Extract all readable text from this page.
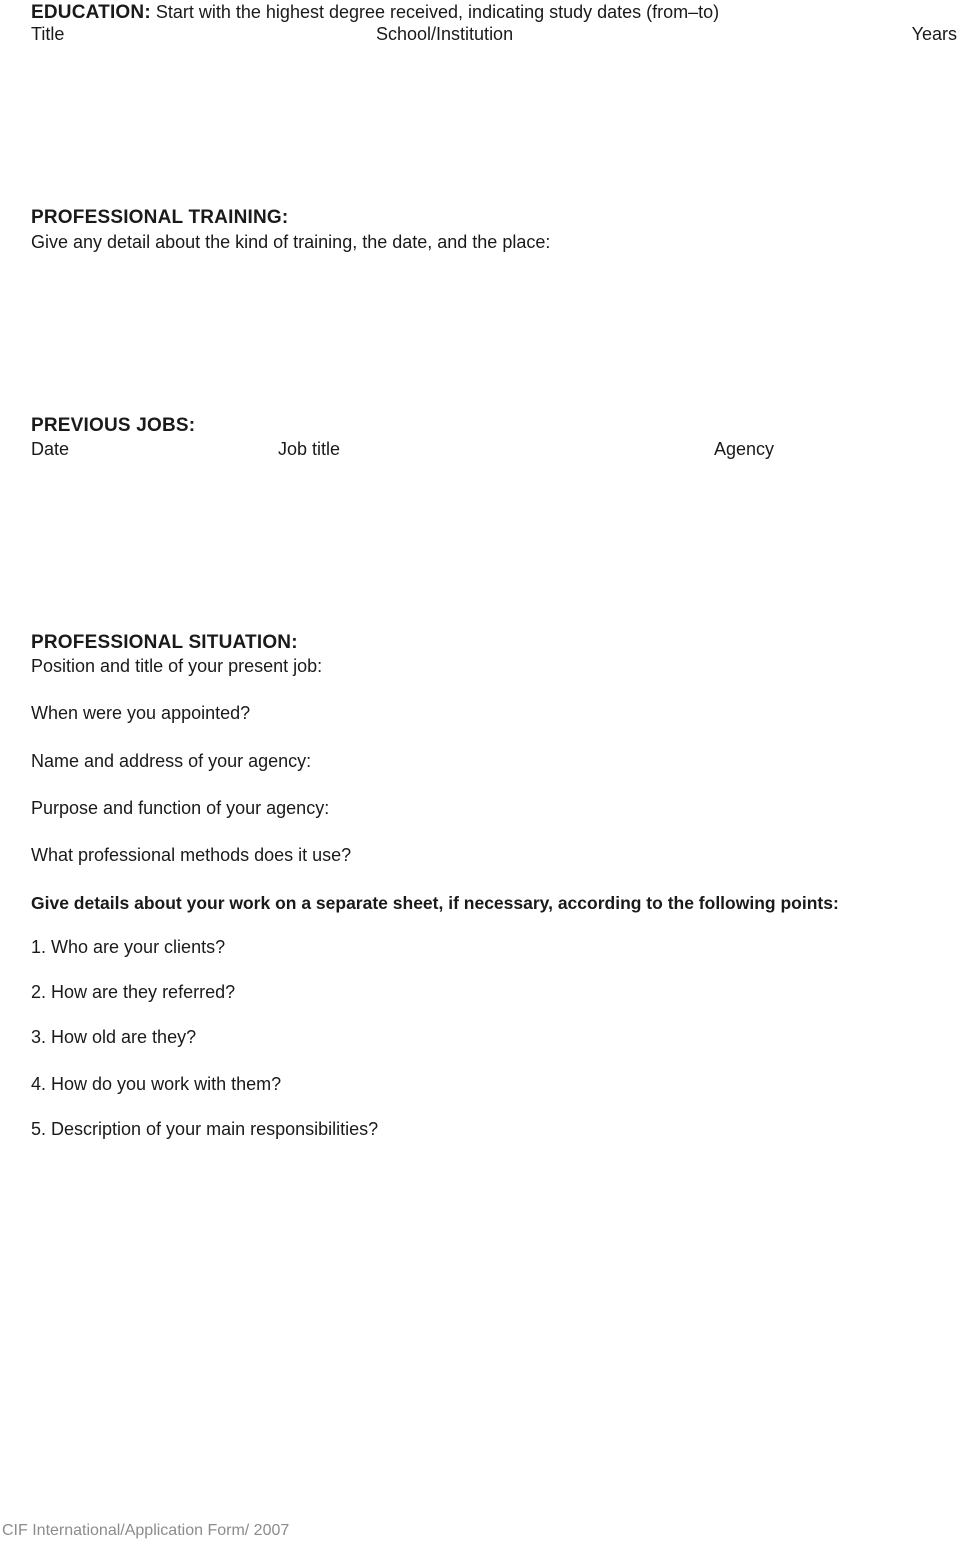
EDUCATION: Start with the highest degree received, indicating study dates (from–to)
Title	School/Institution	Years
PROFESSIONAL TRAINING:
Give any detail about the kind of training, the date, and the place:
PREVIOUS JOBS:
Date	Job title	Agency
PROFESSIONAL SITUATION:
Position and title of your present job:
When were you appointed?
Name and address of your agency:
Purpose and function of your agency:
What professional methods does it use?
Give details about your work on a separate sheet, if necessary, according to the following points:
1. Who are your clients?
2. How are they referred?
3. How old are they?
4. How do you work with them?
5. Description of your main responsibilities?
CIF International/Application Form/ 2007
